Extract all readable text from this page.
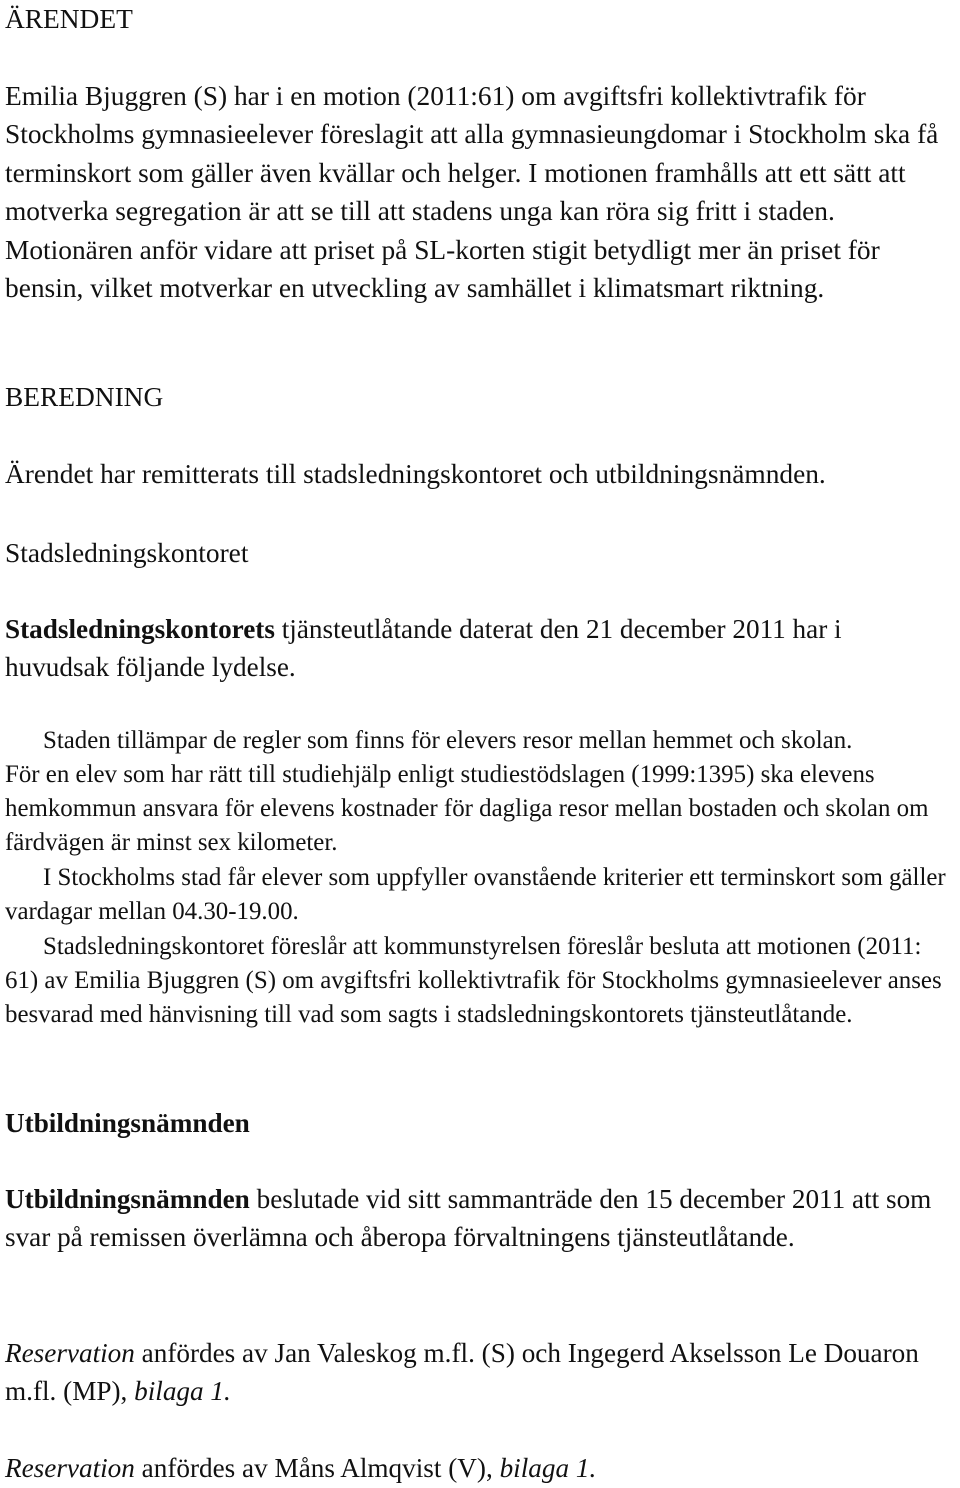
ÄRENDET

Emilia Bjuggren (S) har i en motion (2011:61) om avgiftsfri kollektivtrafik för Stockholms gymnasieelever föreslagit att alla gymnasieungdomar i Stockholm ska få terminskort som gäller även kvällar och helger. I motionen framhålls att ett sätt att motverka segregation är att se till att stadens unga kan röra sig fritt i staden. Motionären anför vidare att priset på SL-korten stigit betydligt mer än priset för bensin, vilket motverkar en utveckling av samhället i klimatsmart riktning.

BEREDNING

Ärendet har remitterats till stadsledningskontoret och utbildningsnämnden.

Stadsledningskontoret

Stadsledningskontorets tjänsteutlåtande daterat den 21 december 2011 har i huvudsak följande lydelse.

Staden tillämpar de regler som finns för elevers resor mellan hemmet och skolan.

För en elev som har rätt till studiehjälp enligt studiestödslagen (1999:1395) ska elevens hemkommun ansvara för elevens kostnader för dagliga resor mellan bostaden och skolan om färdvägen är minst sex kilometer.

I Stockholms stad får elever som uppfyller ovanstående kriterier ett terminskort som gäller vardagar mellan 04.30-19.00.

Stadsledningskontoret föreslår att kommunstyrelsen föreslår besluta att motionen (2011: 61) av Emilia Bjuggren (S) om avgiftsfri kollektivtrafik för Stockholms gymnasieelever anses besvarad med hänvisning till vad som sagts i stadsledningskontorets tjänsteutlåtande.

Utbildningsnämnden

Utbildningsnämnden beslutade vid sitt sammanträde den 15 december 2011 att som svar på remissen överlämna och åberopa förvaltningens tjänsteutlåtande.

Reservation anfördes av Jan Valeskog m.fl. (S) och Ingegerd Akselsson Le Douaron m.fl. (MP), bilaga 1.

Reservation anfördes av Måns Almqvist (V), bilaga 1.
